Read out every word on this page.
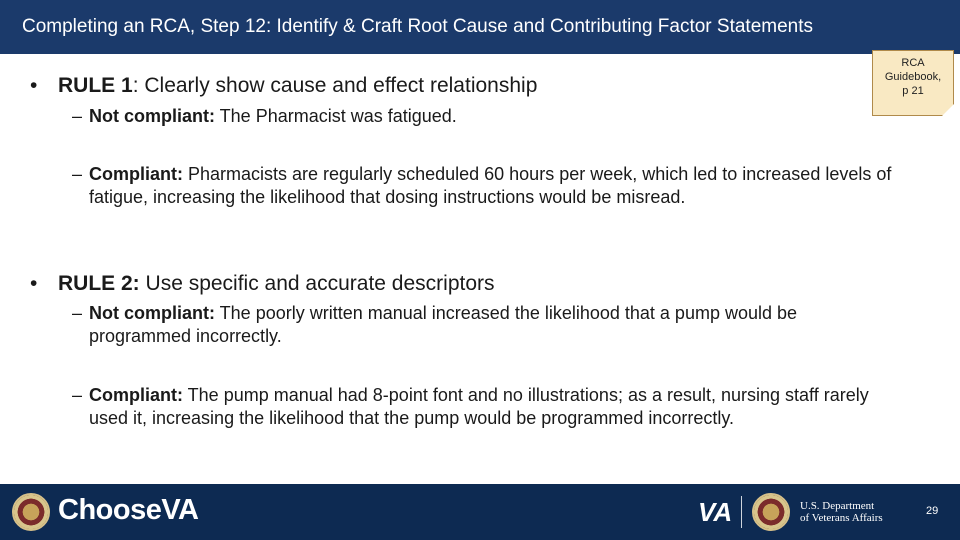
Completing an RCA, Step 12: Identify & Craft Root Cause and Contributing Factor Statements
RCA
Guidebook,
p 21
• RULE 1: Clearly show cause and effect relationship
– Not compliant: The Pharmacist was fatigued.
– Compliant: Pharmacists are regularly scheduled 60 hours per week, which led to increased levels of fatigue, increasing the likelihood that dosing instructions would be misread.
• RULE 2: Use specific and accurate descriptors
– Not compliant: The poorly written manual increased the likelihood that a pump would be programmed incorrectly.
– Compliant: The pump manual had 8-point font and no illustrations; as a result, nursing staff rarely used it, increasing the likelihood that the pump would be programmed incorrectly.
ChooseVA	VA	U.S. Department
of Veterans Affairs
29
